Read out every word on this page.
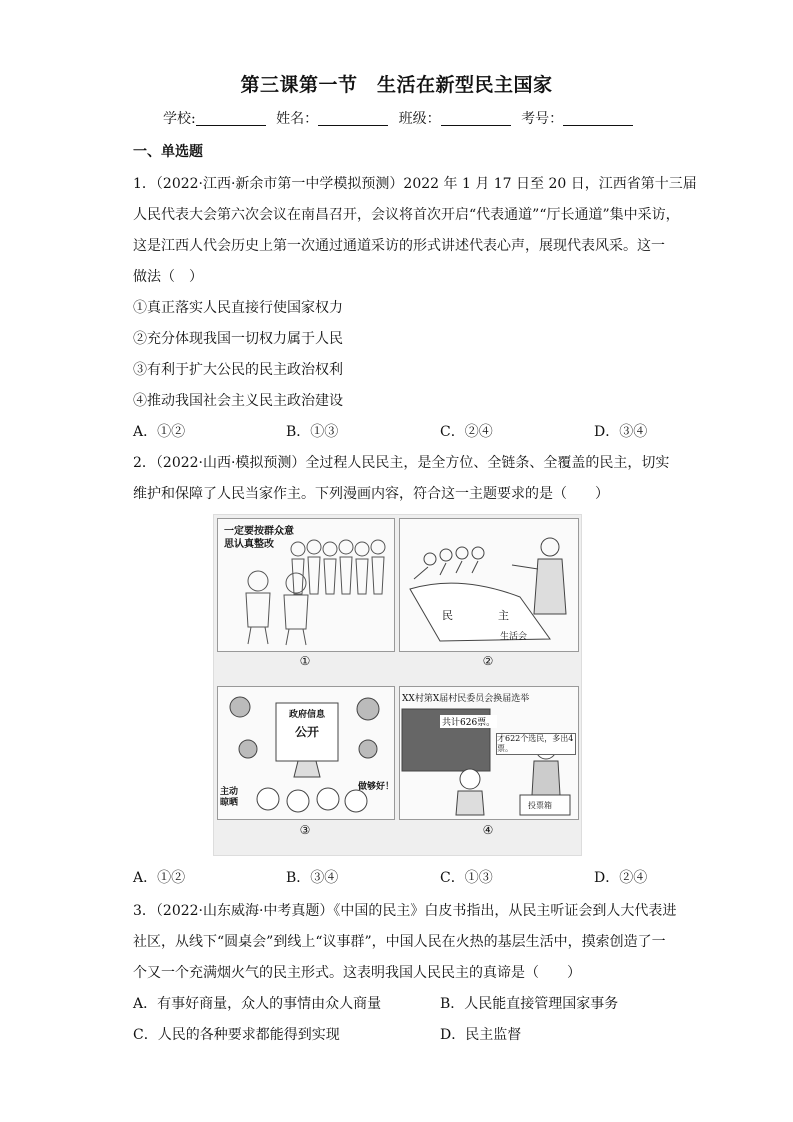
第三课第一节　生活在新型民主国家
学校:	姓名：	班级：	考号：
一、单选题
1．（2022·江西·新余市第一中学模拟预测）2022 年 1 月 17 日至 20 日，江西省第十三届
人民代表大会第六次会议在南昌召开，会议将首次开启“代表通道”“厅长通道”集中采访，
这是江西人代会历史上第一次通过通道采访的形式讲述代表心声，展现代表风采。这一
做法（　）
①真正落实人民直接行使国家权力
②充分体现我国一切权力属于人民
③有利于扩大公民的民主政治权利
④推动我国社会主义民主政治建设
A．①②	B．①③	C．②④	D．③④
2．（2022·山西·模拟预测）全过程人民民主，是全方位、全链条、全覆盖的民主，切实
维护和保障了人民当家作主。下列漫画内容，符合这一主题要求的是（　　）
一定要按群众意思认真整改
①
民	主
生活会
②
政府信息
公开
主动晾晒
做够好！
③
XX村第X届村民委员会换届选举
共计626票。
才622个选民，多出4票。
投票箱
④
A．①②	B．③④	C．①③	D．②④
3．（2022·山东威海·中考真题）《中国的民主》白皮书指出，从民主听证会到人大代表进
社区，从线下“圆桌会”到线上“议事群”，中国人民在火热的基层生活中，摸索创造了一
个又一个充满烟火气的民主形式。这表明我国人民民主的真谛是（　　）
A．有事好商量，众人的事情由众人商量	B．人民能直接管理国家事务
C．人民的各种要求都能得到实现	D．民主监督
